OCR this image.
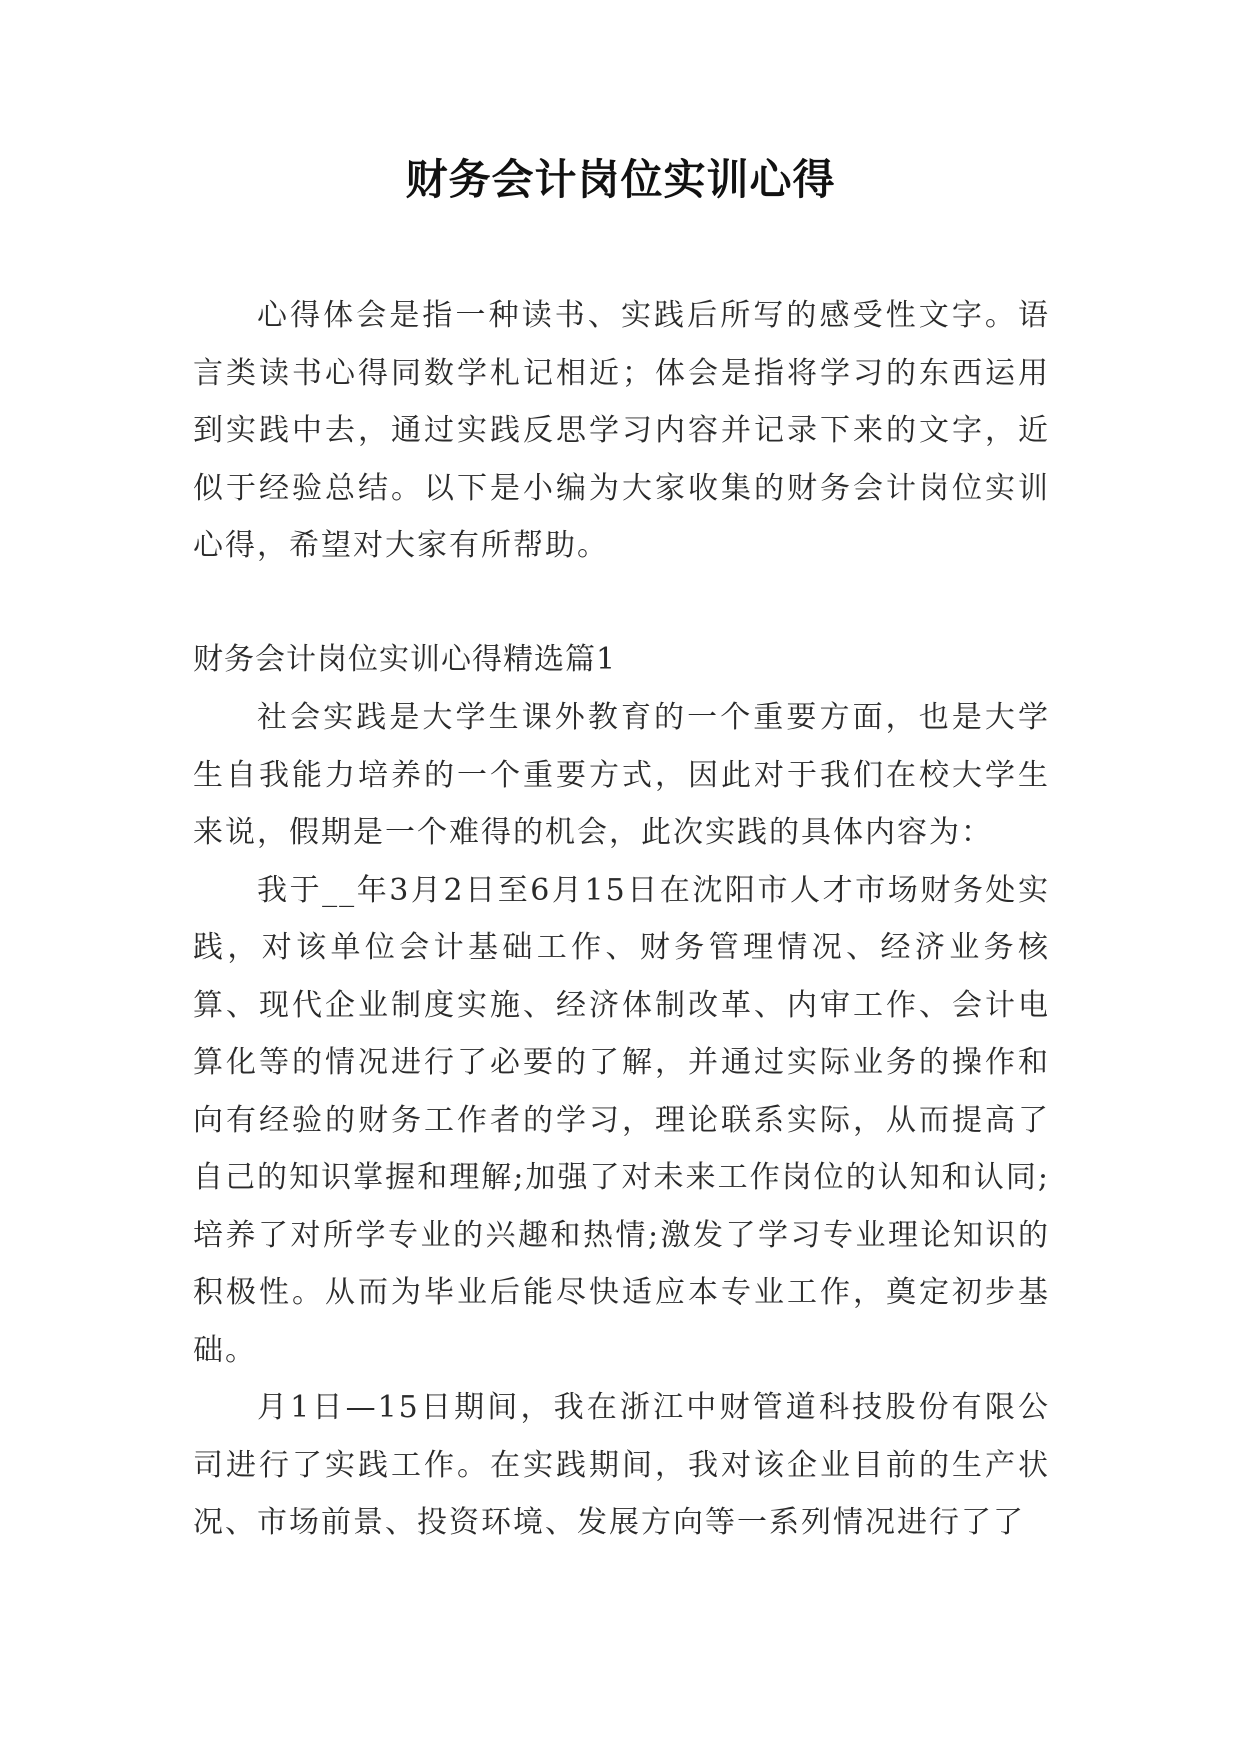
财务会计岗位实训心得

心得体会是指一种读书、实践后所写的感受性文字。语言类读书心得同数学札记相近；体会是指将学习的东西运用到实践中去，通过实践反思学习内容并记录下来的文字，近似于经验总结。以下是小编为大家收集的财务会计岗位实训心得，希望对大家有所帮助。

财务会计岗位实训心得精选篇1

社会实践是大学生课外教育的一个重要方面，也是大学生自我能力培养的一个重要方式，因此对于我们在校大学生来说，假期是一个难得的机会，此次实践的具体内容为：

我于__年3月2日至6月15日在沈阳市人才市场财务处实践，对该单位会计基础工作、财务管理情况、经济业务核算、现代企业制度实施、经济体制改革、内审工作、会计电算化等的情况进行了必要的了解，并通过实际业务的操作和向有经验的财务工作者的学习，理论联系实际，从而提高了自己的知识掌握和理解;加强了对未来工作岗位的认知和认同;培养了对所学专业的兴趣和热情;激发了学习专业理论知识的积极性。从而为毕业后能尽快适应本专业工作，奠定初步基础。

月1日—15日期间，我在浙江中财管道科技股份有限公司进行了实践工作。在实践期间，我对该企业目前的生产状况、市场前景、投资环境、发展方向等一系列情况进行了了
